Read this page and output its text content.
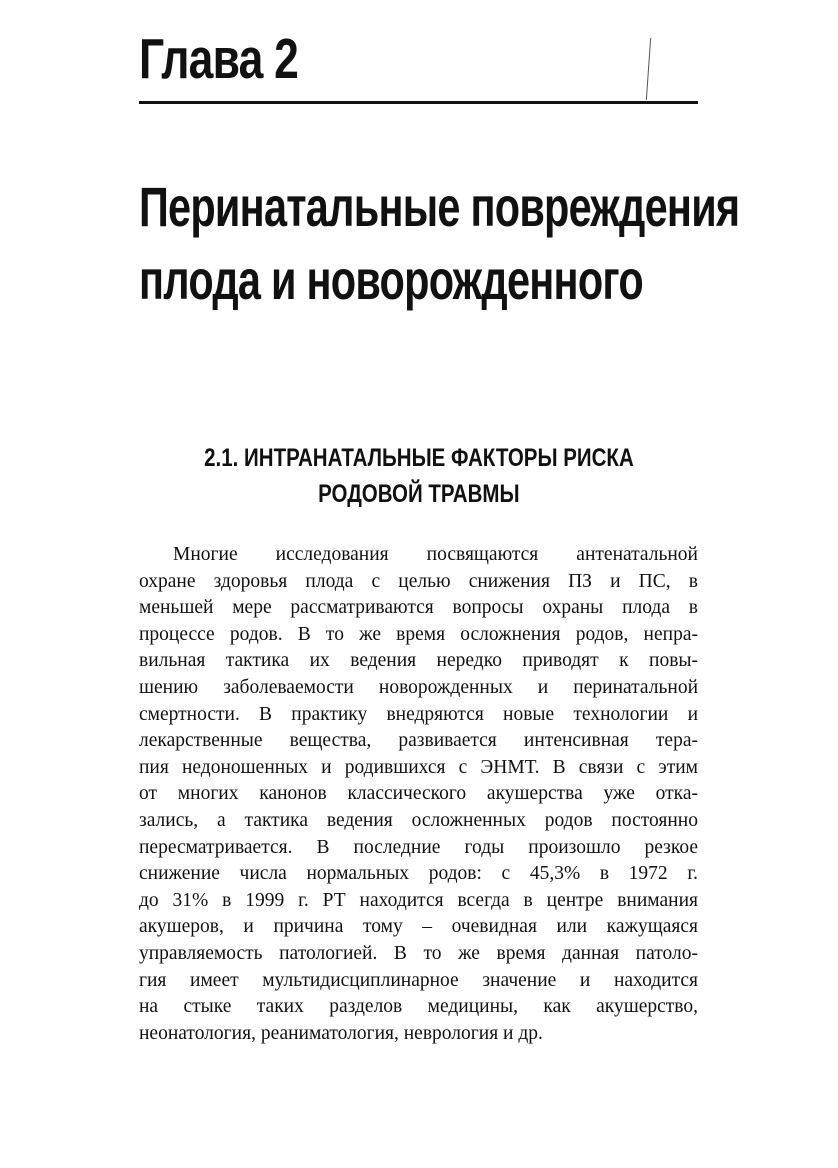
Глава 2
Перинатальные повреждения
плода и новорожденного
2.1. ИНТРАНАТАЛЬНЫЕ ФАКТОРЫ РИСКА
РОДОВОЙ ТРАВМЫ
Многие исследования посвящаются антенатальной
охране здоровья плода с целью снижения ПЗ и ПС, в
меньшей мере рассматриваются вопросы охраны плода в
процессе родов. В то же время осложнения родов, непра-
вильная тактика их ведения нередко приводят к повы-
шению заболеваемости новорожденных и перинатальной
смертности. В практику внедряются новые технологии и
лекарственные вещества, развивается интенсивная тера-
пия недоношенных и родившихся с ЭНМТ. В связи с этим
от многих канонов классического акушерства уже отка-
зались, а тактика ведения осложненных родов постоянно
пересматривается. В последние годы произошло резкое
снижение числа нормальных родов: с 45,3% в 1972 г.
до 31% в 1999 г. РТ находится всегда в центре внимания
акушеров, и причина тому – очевидная или кажущаяся
управляемость патологией. В то же время данная патоло-
гия имеет мультидисциплинарное значение и находится
на стыке таких разделов медицины, как акушерство,
неонатология, реаниматология, неврология и др.
